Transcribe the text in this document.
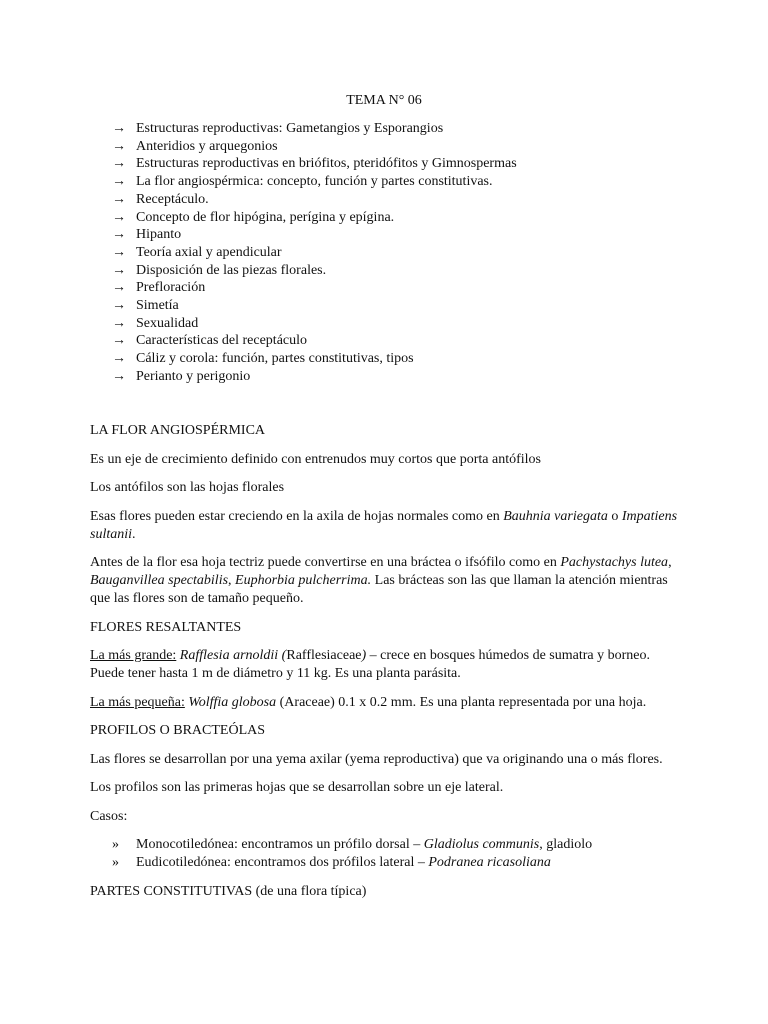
TEMA N° 06
→ Estructuras reproductivas: Gametangios y Esporangios
→ Anteridios y arquegonios
→ Estructuras reproductivas en briófitos, pteridófitos y Gimnospermas
→ La flor angiospérmica: concepto, función y partes constitutivas.
→ Receptáculo.
→ Concepto de flor hipógina, perígina y epígina.
→ Hipanto
→ Teoría axial y apendicular
→ Disposición de las piezas florales.
→ Prefloración
→ Simetía
→ Sexualidad
→ Características del receptáculo
→ Cáliz y corola: función, partes constitutivas, tipos
→ Perianto y perigonio

LA FLOR ANGIOSPÉRMICA

Es un eje de crecimiento definido con entrenudos muy cortos que porta antófilos

Los antófilos son las hojas florales

Esas flores pueden estar creciendo en la axila de hojas normales como en Bauhnia variegata o Impatiens sultanii.

Antes de la flor esa hoja tectriz puede convertirse en una bráctea o ifsófilo como en Pachystachys lutea, Bauganvillea spectabilis, Euphorbia pulcherrima. Las brácteas son las que llaman la atención mientras que las flores son de tamaño pequeño.

FLORES RESALTANTES

La más grande: Rafflesia arnoldii (Rafflesiaceae) – crece en bosques húmedos de sumatra y borneo. Puede tener hasta 1 m de diámetro y 11 kg. Es una planta parásita.

La más pequeña: Wolffia globosa (Araceae) 0.1 x 0.2 mm. Es una planta representada por una hoja.

PROFILOS O BRACTEÓLAS

Las flores se desarrollan por una yema axilar (yema reproductiva) que va originando una o más flores.

Los profilos son las primeras hojas que se desarrollan sobre un eje lateral.

Casos:

» Monocotiledónea: encontramos un prófilo dorsal – Gladiolus communis, gladiolo
» Eudicotiledónea: encontramos dos prófilos lateral – Podranea ricasoliana

PARTES CONSTITUTIVAS (de una flora típica)
